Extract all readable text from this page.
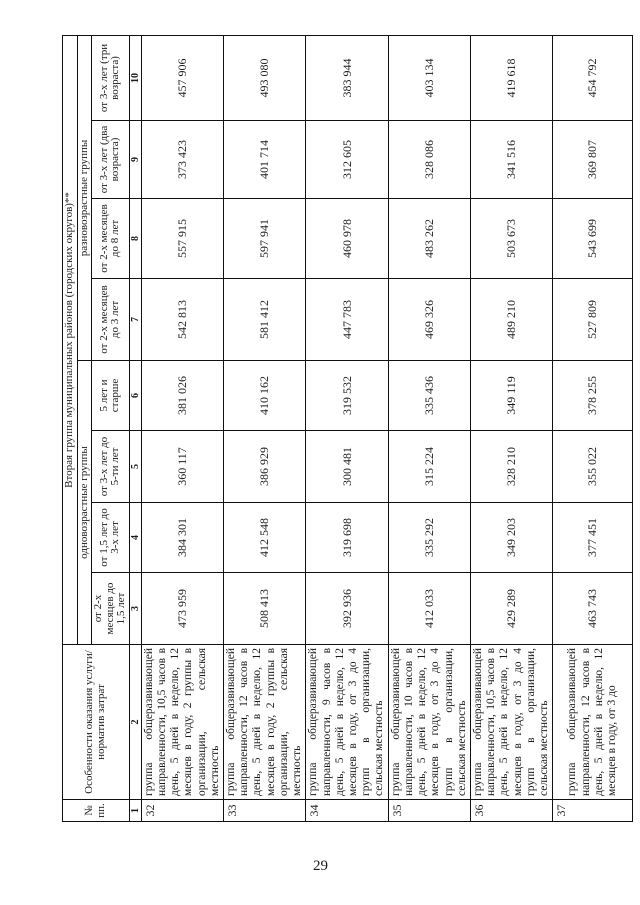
29
№ пп.	Особенности оказания услуги/норматив затрат	Вторая группа муниципальных районов (городских округов)**							
		одновозрастные группы				разновозрастные группы			
		от 2-х месяцев до 1,5 лет	от 1,5 лет до 3-х лет	от 3-х лет до 5-ти лет	5 лет и старше	от 2-х месяцев до 3 лет	от 2-х месяцев до 8 лет	от 3-х лет (два возраста)	от 3-х лет (три возраста)
1	2	3	4	5	6	7	8	9	10
32	группа общеразвивающей направленности, 10,5 часов в день, 5 дней в неделю, 12 месяцев в году, 2 группы в организации, сельская местность	473 959	384 301	360 117	381 026	542 813	557 915	373 423	457 906
33	группа общеразвивающей направленности, 12 часов в день, 5 дней в неделю, 12 месяцев в году, 2 группы в организации, сельская местность	508 413	412 548	386 929	410 162	581 412	597 941	401 714	493 080
34	группа общеразвивающей направленности, 9 часов в день, 5 дней в неделю, 12 месяцев в году, от 3 до 4 групп в организации, сельская местность	392 936	319 698	300 481	319 532	447 783	460 978	312 605	383 944
35	группа общеразвивающей направленности, 10 часов в день, 5 дней в неделю, 12 месяцев в году, от 3 до 4 групп в организации, сельская местность	412 033	335 292	315 224	335 436	469 326	483 262	328 086	403 134
36	группа общеразвивающей направленности, 10,5 часов в день, 5 дней в неделю, 12 месяцев в году, от 3 до 4 групп в организации, сельская местность	429 289	349 203	328 210	349 119	489 210	503 673	341 516	419 618
37	группа общеразвивающей направленности, 12 часов в день, 5 дней в неделю, 12 месяцев в году, от 3 до	463 743	377 451	355 022	378 255	527 809	543 699	369 807	454 792
